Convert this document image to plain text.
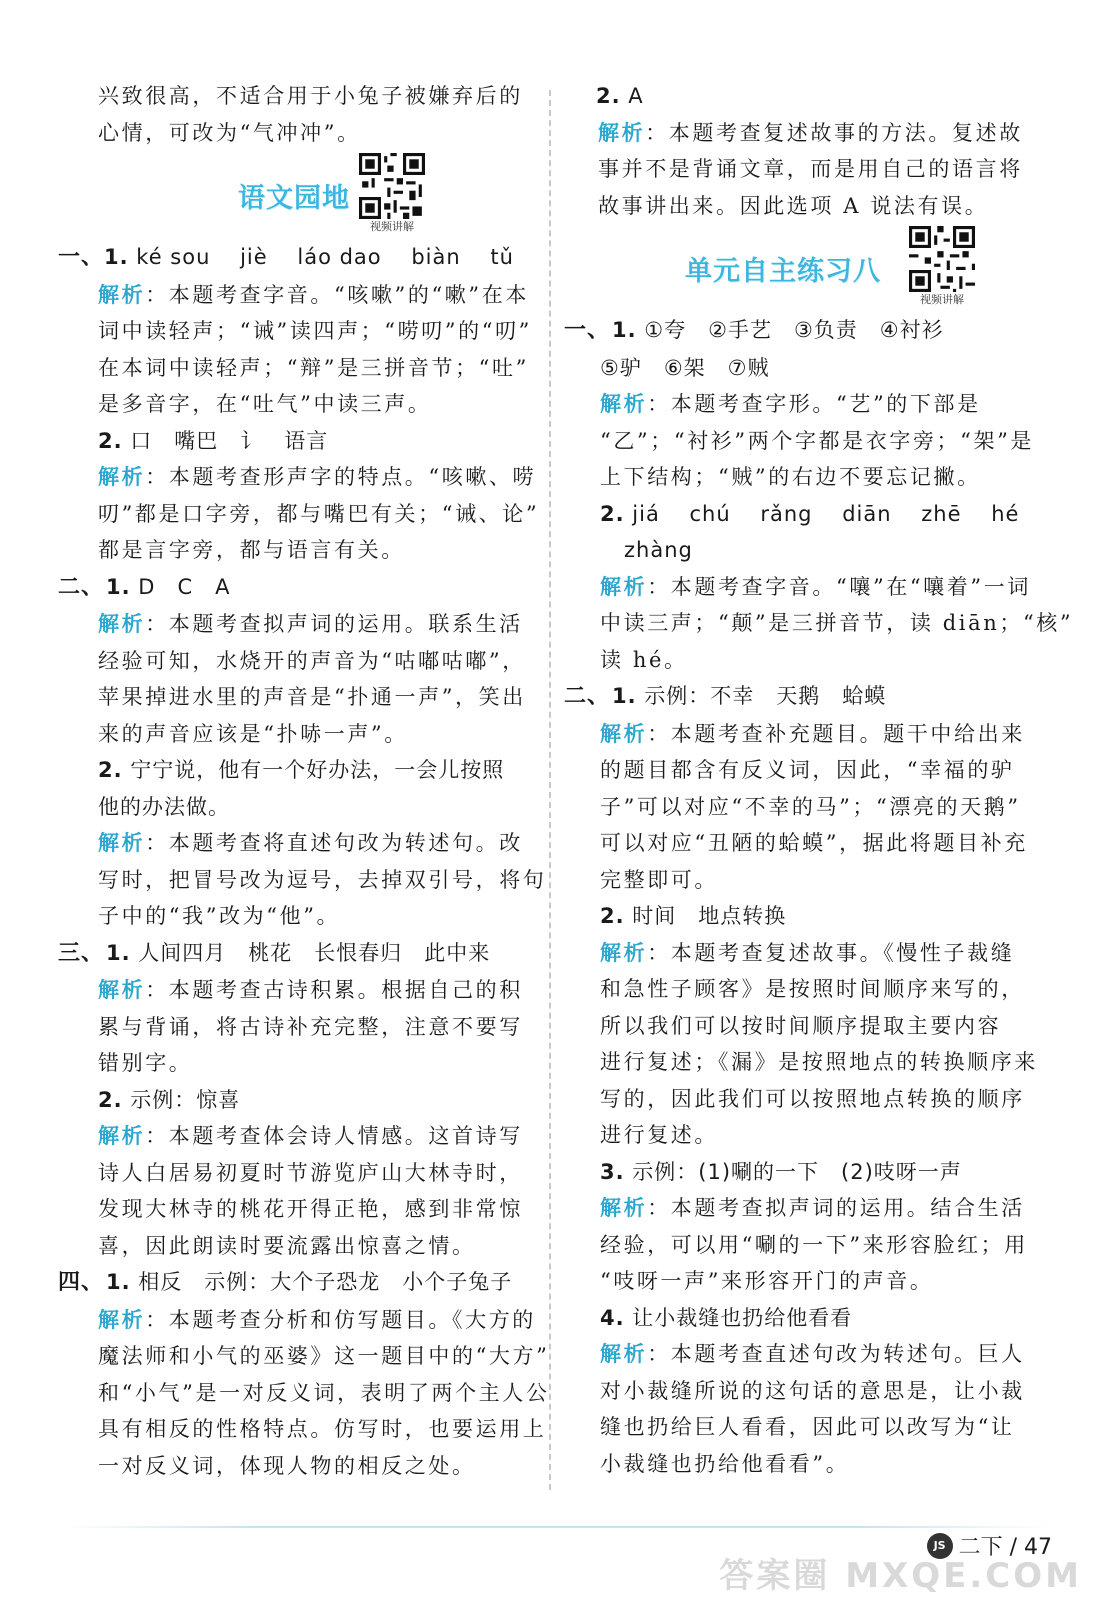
兴致很高，不适合用于小兔子被嫌弃后的

心情，可改为“气冲冲”。

语文园地
视频讲解
一、1. ké sou jiè láo dao biàn tǔ

解析：本题考查字音。“咳嗽”的“嗽”在本

词中读轻声；“诫”读四声；“唠叨”的“叨”

在本词中读轻声；“辩”是三拼音节；“吐”

是多音字，在“吐气”中读三声。

2. 口　嘴巴　讠　语言

解析：本题考查形声字的特点。“咳嗽、唠

叨”都是口字旁，都与嘴巴有关；“诫、论”

都是言字旁，都与语言有关。

二、1. D　C　A

解析：本题考查拟声词的运用。联系生活

经验可知，水烧开的声音为“咕嘟咕嘟”，

苹果掉进水里的声音是“扑通一声”，笑出

来的声音应该是“扑哧一声”。

2. 宁宁说，他有一个好办法，一会儿按照

他的办法做。

解析：本题考查将直述句改为转述句。改

写时，把冒号改为逗号，去掉双引号，将句

子中的“我”改为“他”。

三、1. 人间四月　桃花　长恨春归　此中来

解析：本题考查古诗积累。根据自己的积

累与背诵，将古诗补充完整，注意不要写

错别字。

2. 示例：惊喜

解析：本题考查体会诗人情感。这首诗写

诗人白居易初夏时节游览庐山大林寺时，

发现大林寺的桃花开得正艳，感到非常惊

喜，因此朗读时要流露出惊喜之情。

四、1. 相反　示例：大个子恐龙　小个子兔子

解析：本题考查分析和仿写题目。《大方的

魔法师和小气的巫婆》这一题目中的“大方”

和“小气”是一对反义词，表明了两个主人公

具有相反的性格特点。仿写时，也要运用上

一对反义词，体现人物的相反之处。

2. A

解析：本题考查复述故事的方法。复述故

事并不是背诵文章，而是用自己的语言将

故事讲出来。因此选项 A 说法有误。

单元自主练习八
视频讲解

一、1. ①夸　②手艺　③负责　④衬衫

⑤驴　⑥架　⑦贼

解析：本题考查字形。“艺”的下部是

“乙”；“衬衫”两个字都是衣字旁；“架”是

上下结构；“贼”的右边不要忘记撇。

2. jiá chú rǎng diān zhē hé

zhàng

解析：本题考查字音。“嚷”在“嚷着”一词

中读三声；“颠”是三拼音节，读 diān；“核”

读 hé。

二、1. 示例：不幸　天鹅　蛤蟆

解析：本题考查补充题目。题干中给出来

的题目都含有反义词，因此，“幸福的驴

子”可以对应“不幸的马”；“漂亮的天鹅”

可以对应“丑陋的蛤蟆”，据此将题目补充

完整即可。

2. 时间　地点转换

解析：本题考查复述故事。《慢性子裁缝

和急性子顾客》是按照时间顺序来写的，

所以我们可以按时间顺序提取主要内容

进行复述；《漏》是按照地点的转换顺序来

写的，因此我们可以按照地点转换的顺序

进行复述。

3. 示例：(1)唰的一下　(2)吱呀一声

解析：本题考查拟声词的运用。结合生活

经验，可以用“唰的一下”来形容脸红；用

“吱呀一声”来形容开门的声音。

4. 让小裁缝也扔给他看看

解析：本题考查直述句改为转述句。巨人

对小裁缝所说的这句话的意思是，让小裁

缝也扔给巨人看看，因此可以改写为“让

小裁缝也扔给他看看”。

JS 二下 / 47
答案圈 MXQE.COM
